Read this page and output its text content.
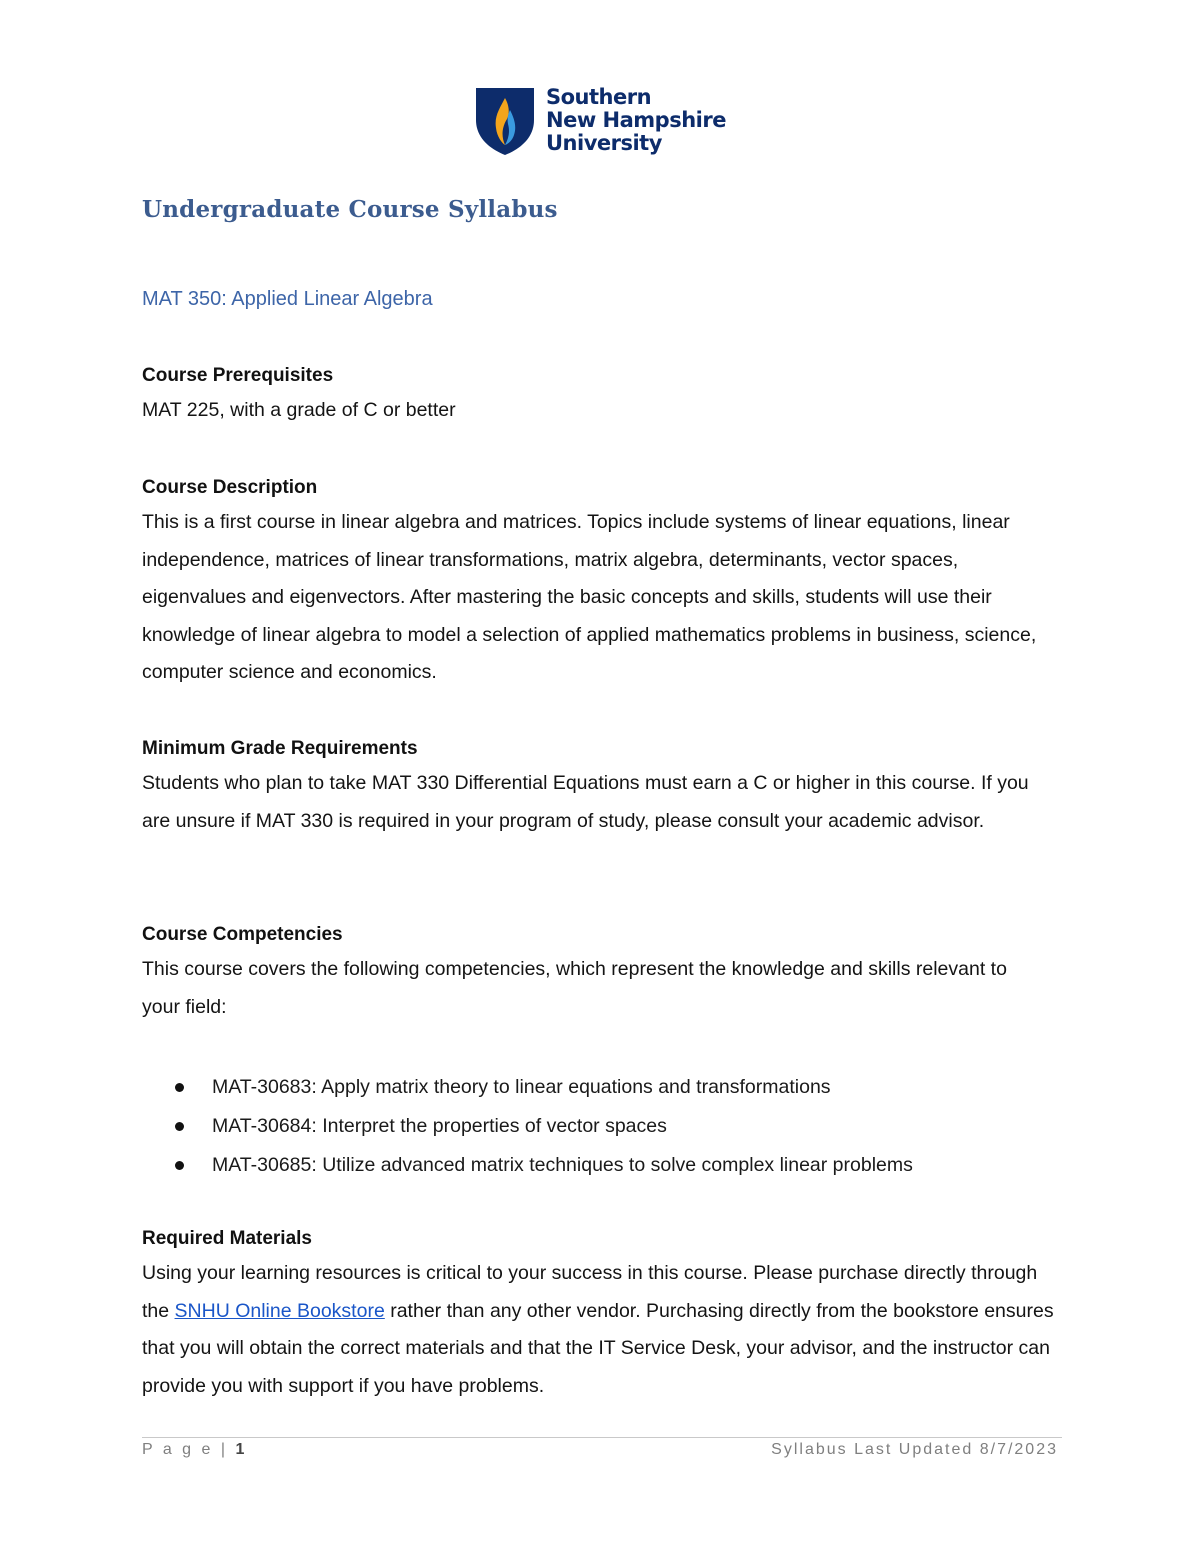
Southern
New Hampshire
University
Undergraduate Course Syllabus
MAT 350: Applied Linear Algebra
Course Prerequisites
MAT 225, with a grade of C or better
Course Description
This is a first course in linear algebra and matrices. Topics include systems of linear equations, linear independence, matrices of linear transformations, matrix algebra, determinants, vector spaces, eigenvalues and eigenvectors. After mastering the basic concepts and skills, students will use their knowledge of linear algebra to model a selection of applied mathematics problems in business, science, computer science and economics.
Minimum Grade Requirements
Students who plan to take MAT 330 Differential Equations must earn a C or higher in this course. If you are unsure if MAT 330 is required in your program of study, please consult your academic advisor.
Course Competencies
This course covers the following competencies, which represent the knowledge and skills relevant to your field:
MAT-30683: Apply matrix theory to linear equations and transformations
MAT-30684: Interpret the properties of vector spaces
MAT-30685: Utilize advanced matrix techniques to solve complex linear problems
Required Materials
Using your learning resources is critical to your success in this course. Please purchase directly through the SNHU Online Bookstore rather than any other vendor. Purchasing directly from the bookstore ensures that you will obtain the correct materials and that the IT Service Desk, your advisor, and the instructor can provide you with support if you have problems.
P a g e | 1	Syllabus Last Updated 8/7/2023
